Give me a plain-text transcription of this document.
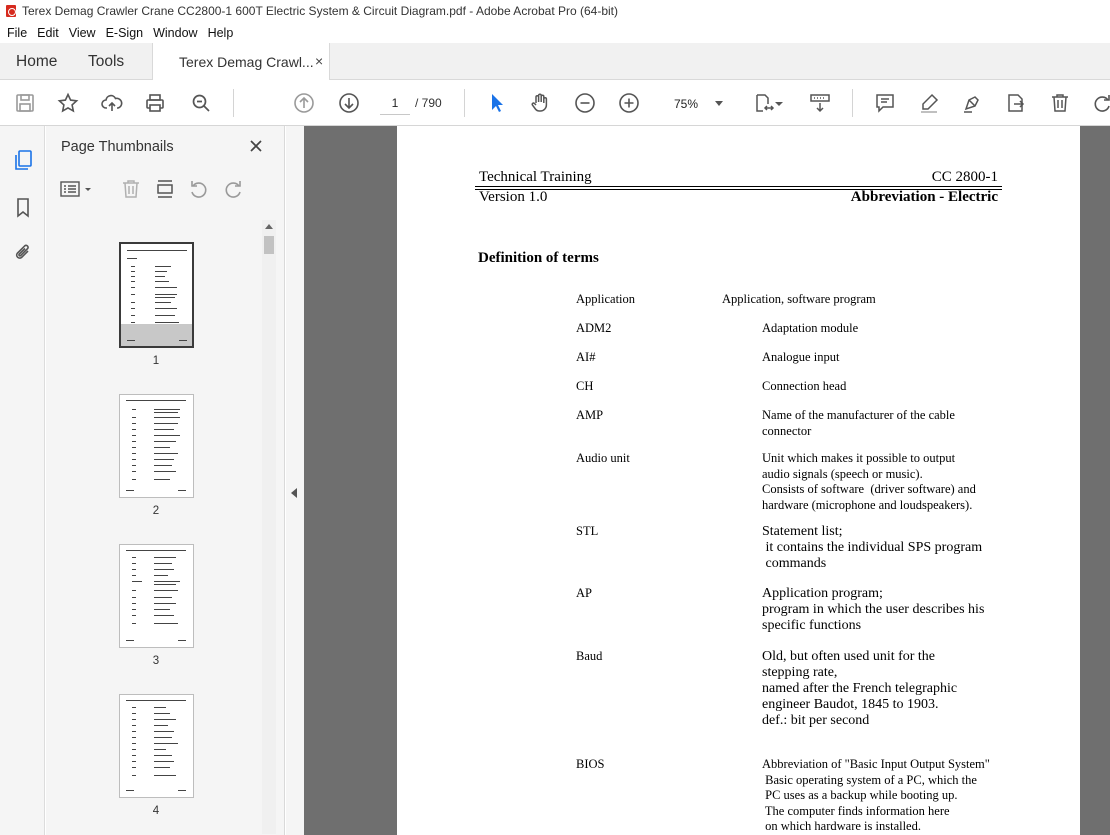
Terex Demag Crawler Crane CC2800-1 600T Electric System & Circuit Diagram.pdf - Adobe Acrobat Pro (64-bit)
File Edit View E-Sign Window Help
Home Tools	Terex Demag Crawl... ×
1	/ 790	75%
Page Thumbnails
1
2
3
4
Technical Training	CC 2800-1
Version 1.0	Abbreviation - Electric
Definition of terms
Application	Application, software program
ADM2	Adaptation module
AI#	Analogue input
CH	Connection head
AMP	Name of the manufacturer of the cable
connector
Audio unit	Unit which makes it possible to output
audio signals (speech or music).
Consists of software  (driver software) and
hardware (microphone and loudspeakers).
STL	Statement list;
it contains the individual SPS program
commands
AP	Application program;
program in which the user describes his
specific functions
Baud	Old, but often used unit for the
stepping rate,
named after the French telegraphic
engineer Baudot, 1845 to 1903.
def.: bit per second
BIOS	Abbreviation of "Basic Input Output System"
Basic operating system of a PC, which the
PC uses as a backup while booting up.
The computer finds information here
on which hardware is installed.
